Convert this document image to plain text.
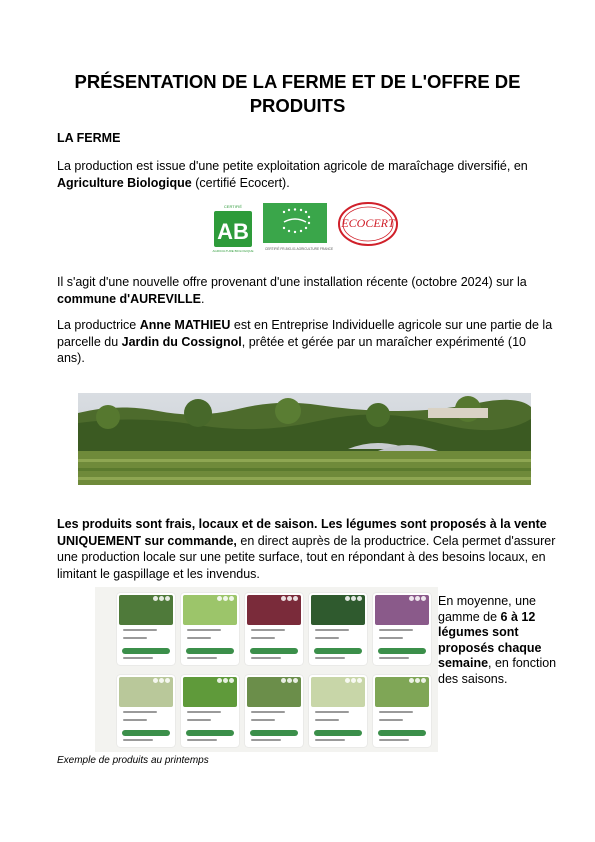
PRÉSENTATION DE LA FERME ET DE L'OFFRE DE PRODUITS
LA FERME
La production est issue d'une petite exploitation agricole de maraîchage diversifié, en Agriculture Biologique (certifié Ecocert).
CERTIFIÉ
AB
AGRICULTURE BIOLOGIQUE	CERTIFIÉ FR-BIO-01 AGRICULTURE FRANCE
ECOCERT
Il s'agit d'une nouvelle offre provenant d'une installation récente (octobre 2024) sur la commune d'AUREVILLE.
La productrice Anne MATHIEU est en Entreprise Individuelle agricole sur une partie de la parcelle du Jardin du Cossignol, prêtée et gérée par un maraîcher expérimenté (10 ans).
Les produits sont frais, locaux et de saison. Les légumes sont proposés à la vente UNIQUEMENT sur commande, en direct auprès de la productrice. Cela permet d'assurer une production locale sur une petite surface, tout en répondant à des besoins locaux, en limitant le gaspillage et les invendus.
En moyenne, une gamme de 6 à 12 légumes sont proposés chaque semaine, en fonction des saisons.
Exemple de produits au printemps
